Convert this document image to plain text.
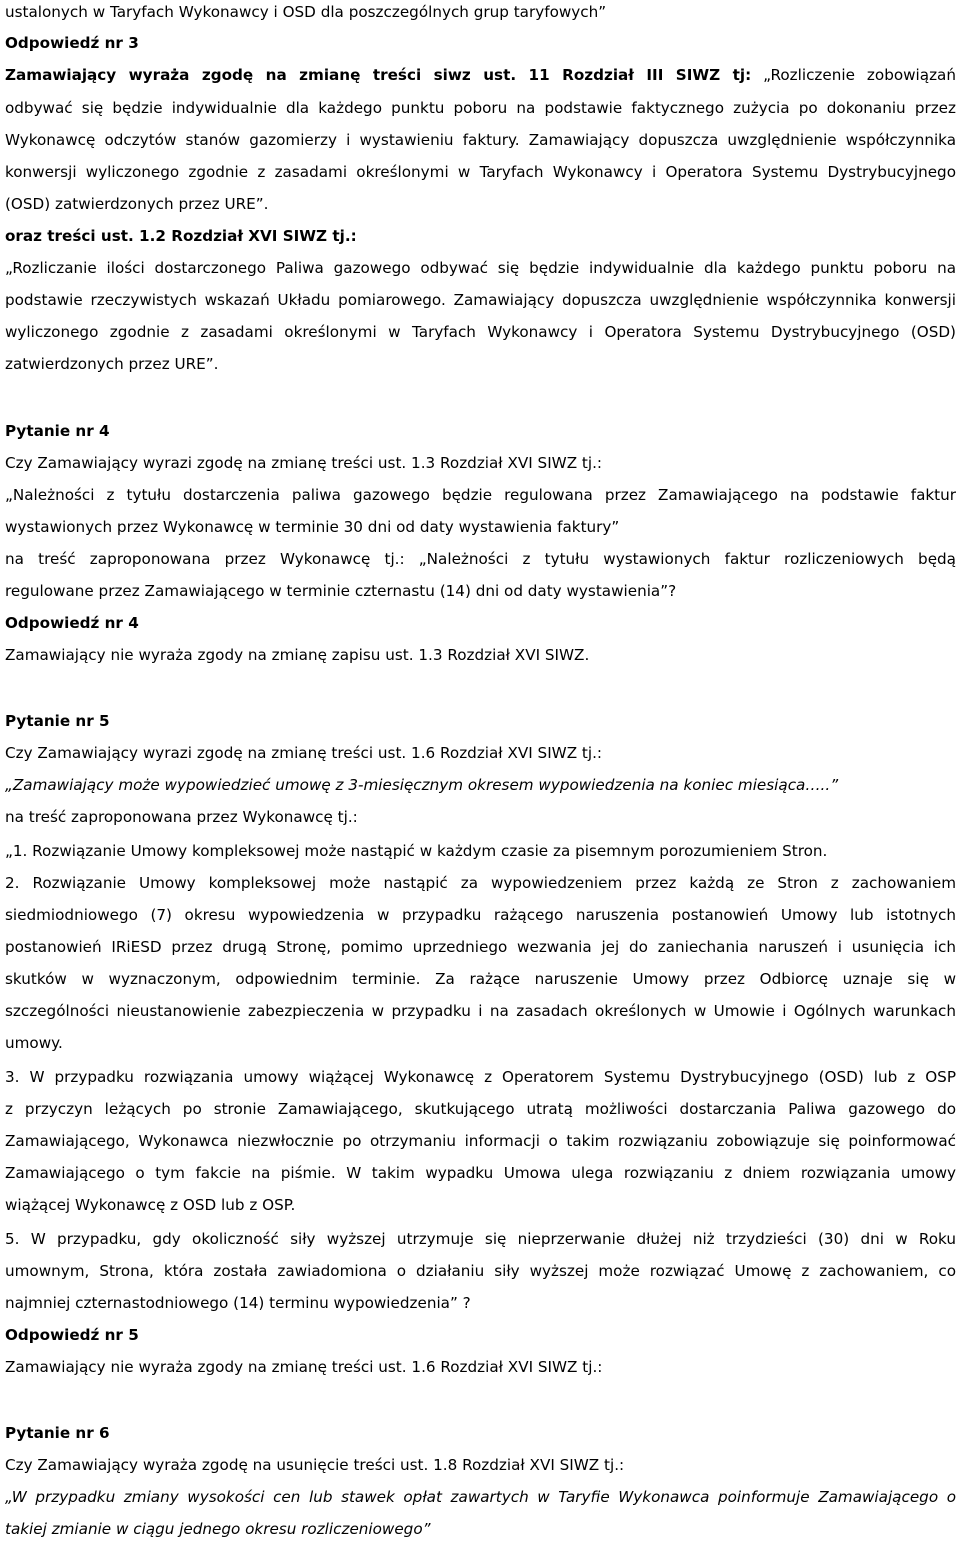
ustalonych w Taryfach Wykonawcy i OSD dla poszczególnych grup taryfowych”
Odpowiedź nr 3
Zamawiający wyraża zgodę na zmianę treści siwz ust. 11 Rozdział III SIWZ tj: „Rozliczenie zobowiązań
odbywać się będzie indywidualnie dla każdego punktu poboru na podstawie faktycznego zużycia po dokonaniu przez
Wykonawcę odczytów stanów gazomierzy i wystawieniu faktury. Zamawiający dopuszcza uwzględnienie współczynnika
konwersji wyliczonego zgodnie z zasadami określonymi w Taryfach Wykonawcy i Operatora Systemu Dystrybucyjnego
(OSD) zatwierdzonych przez URE”.
oraz treści ust. 1.2 Rozdział XVI SIWZ tj.:
„Rozliczanie ilości dostarczonego Paliwa gazowego odbywać się będzie indywidualnie dla każdego punktu poboru na
podstawie rzeczywistych wskazań Układu pomiarowego. Zamawiający dopuszcza uwzględnienie współczynnika konwersji
wyliczonego zgodnie z zasadami określonymi w Taryfach Wykonawcy i Operatora Systemu Dystrybucyjnego (OSD)
zatwierdzonych przez URE”.
Pytanie nr 4
Czy Zamawiający wyrazi zgodę na zmianę treści ust. 1.3 Rozdział XVI SIWZ tj.:
„Należności z tytułu dostarczenia paliwa gazowego będzie regulowana przez Zamawiającego na podstawie faktur
wystawionych przez Wykonawcę w terminie 30 dni od daty wystawienia faktury”
na treść zaproponowana przez Wykonawcę tj.: „Należności z tytułu wystawionych faktur rozliczeniowych będą
regulowane przez Zamawiającego w terminie czternastu (14) dni od daty wystawienia”?
Odpowiedź nr 4
Zamawiający nie wyraża zgody na zmianę zapisu ust. 1.3 Rozdział XVI SIWZ.
Pytanie nr 5
Czy Zamawiający wyrazi zgodę na zmianę treści ust. 1.6 Rozdział XVI SIWZ tj.:
„Zamawiający może wypowiedzieć umowę z 3-miesięcznym okresem wypowiedzenia na koniec miesiąca…..”
na treść zaproponowana przez Wykonawcę tj.:
„1. Rozwiązanie Umowy kompleksowej może nastąpić w każdym czasie za pisemnym porozumieniem Stron.
2. Rozwiązanie Umowy kompleksowej może nastąpić za wypowiedzeniem przez każdą ze Stron z zachowaniem
siedmiodniowego (7) okresu wypowiedzenia w przypadku rażącego naruszenia postanowień Umowy lub istotnych
postanowień IRiESD przez drugą Stronę, pomimo uprzedniego wezwania jej do zaniechania naruszeń i usunięcia ich
skutków w wyznaczonym, odpowiednim terminie. Za rażące naruszenie Umowy przez Odbiorcę uznaje się w
szczególności nieustanowienie zabezpieczenia w przypadku i na zasadach określonych w Umowie i Ogólnych warunkach
umowy.
3. W przypadku rozwiązania umowy wiążącej Wykonawcę z Operatorem Systemu Dystrybucyjnego (OSD) lub z OSP
z przyczyn leżących po stronie Zamawiającego, skutkującego utratą możliwości dostarczania Paliwa gazowego do
Zamawiającego, Wykonawca niezwłocznie po otrzymaniu informacji o takim rozwiązaniu zobowiązuje się poinformować
Zamawiającego o tym fakcie na piśmie. W takim wypadku Umowa ulega rozwiązaniu z dniem rozwiązania umowy
wiążącej Wykonawcę z OSD lub z OSP.
5. W przypadku, gdy okoliczność siły wyższej utrzymuje się nieprzerwanie dłużej niż trzydzieści (30) dni w Roku
umownym, Strona, która została zawiadomiona o działaniu siły wyższej może rozwiązać Umowę z zachowaniem, co
najmniej czternastodniowego (14) terminu wypowiedzenia” ?
Odpowiedź nr 5
Zamawiający nie wyraża zgody na zmianę treści ust. 1.6 Rozdział XVI SIWZ tj.:
Pytanie nr 6
Czy Zamawiający wyraża zgodę na usunięcie treści ust. 1.8 Rozdział XVI SIWZ tj.:
„W przypadku zmiany wysokości cen lub stawek opłat zawartych w Taryfie Wykonawca poinformuje Zamawiającego o
takiej zmianie w ciągu jednego okresu rozliczeniowego”
